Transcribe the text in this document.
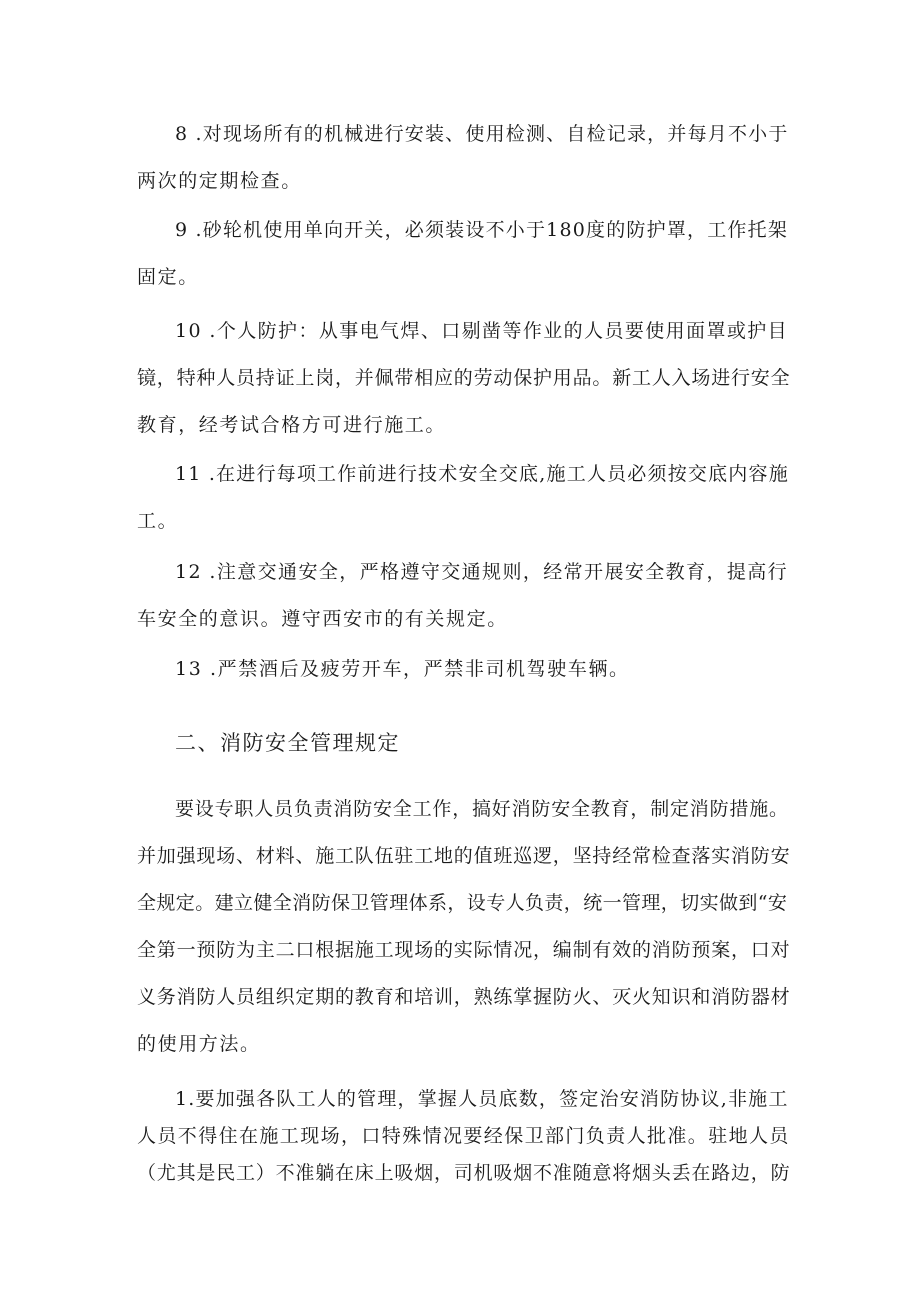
8 .对现场所有的机械进行安装、使用检测、自检记录，并每月不小于
两次的定期检查。
9 .砂轮机使用单向开关，必须装设不小于180度的防护罩，工作托架
固定。
10 .个人防护：从事电气焊、口剔凿等作业的人员要使用面罩或护目
镜，特种人员持证上岗，并佩带相应的劳动保护用品。新工人入场进行安全
教育，经考试合格方可进行施工。
11 .在进行每项工作前进行技术安全交底,施工人员必须按交底内容施
工。
12 .注意交通安全，严格遵守交通规则，经常开展安全教育，提高行
车安全的意识。遵守西安市的有关规定。
13 .严禁酒后及疲劳开车，严禁非司机驾驶车辆。
二、消防安全管理规定
要设专职人员负责消防安全工作，搞好消防安全教育，制定消防措施。
并加强现场、材料、施工队伍驻工地的值班巡逻，坚持经常检查落实消防安
全规定。建立健全消防保卫管理体系，设专人负责，统一管理，切实做到“安
全第一预防为主二口根据施工现场的实际情况，编制有效的消防预案，口对
义务消防人员组织定期的教育和培训，熟练掌握防火、灭火知识和消防器材
的使用方法。
1.要加强各队工人的管理，掌握人员底数，签定治安消防协议,非施工
人员不得住在施工现场，口特殊情况要经保卫部门负责人批准。驻地人员
（尤其是民工）不准躺在床上吸烟，司机吸烟不准随意将烟头丢在路边，防
